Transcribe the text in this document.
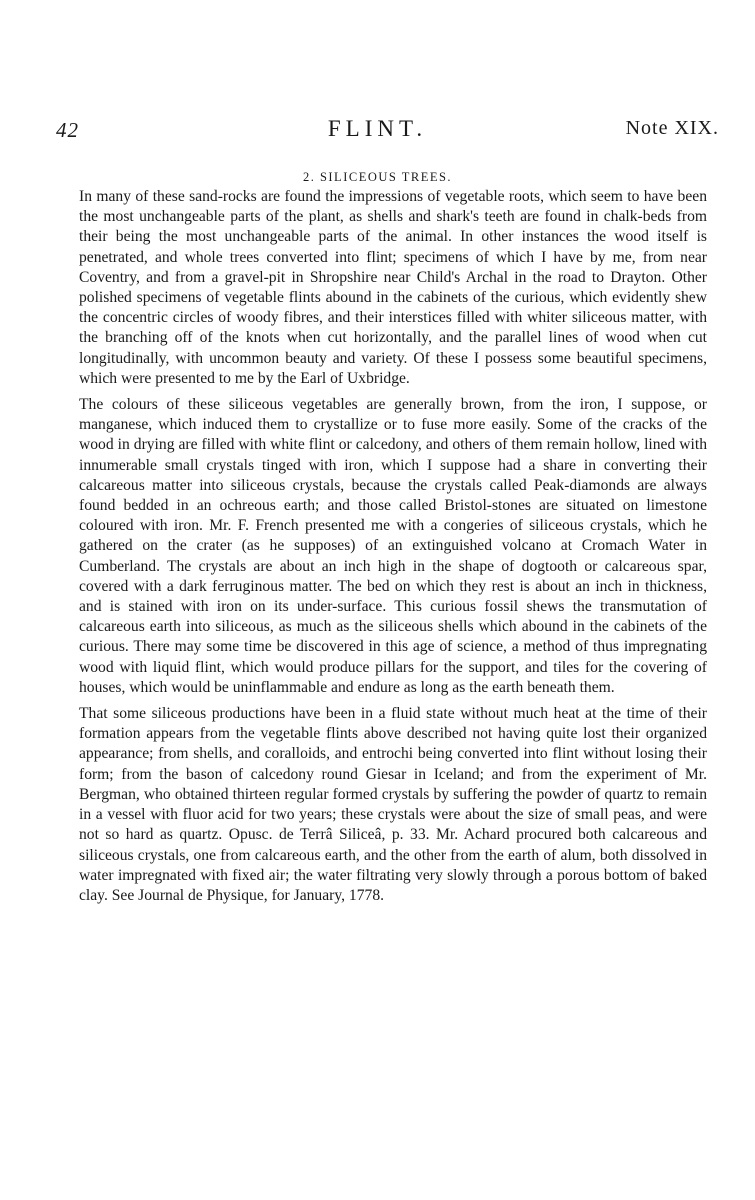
42	FLINT.	Note XIX.
2. SILICEOUS TREES.

In many of these sand-rocks are found the impressions of vegetable roots, which seem to have been the most unchangeable parts of the plant, as shells and shark's teeth are found in chalk-beds from their being the most unchangeable parts of the animal. In other instances the wood itself is penetrated, and whole trees converted into flint; specimens of which I have by me, from near Coventry, and from a gravel-pit in Shropshire near Child's Archal in the road to Drayton. Other polished specimens of vegetable flints abound in the cabinets of the curious, which evidently shew the concentric circles of woody fibres, and their interstices filled with whiter siliceous matter, with the branching off of the knots when cut horizontally, and the parallel lines of wood when cut longitudinally, with uncommon beauty and variety. Of these I possess some beautiful specimens, which were presented to me by the Earl of Uxbridge.

The colours of these siliceous vegetables are generally brown, from the iron, I suppose, or manganese, which induced them to crystallize or to fuse more easily. Some of the cracks of the wood in drying are filled with white flint or calcedony, and others of them remain hollow, lined with innumerable small crystals tinged with iron, which I suppose had a share in converting their calcareous matter into siliceous crystals, because the crystals called Peak-diamonds are always found bedded in an ochreous earth; and those called Bristol-stones are situated on limestone coloured with iron. Mr. F. French presented me with a congeries of siliceous crystals, which he gathered on the crater (as he supposes) of an extinguished volcano at Cromach Water in Cumberland. The crystals are about an inch high in the shape of dogtooth or calcareous spar, covered with a dark ferruginous matter. The bed on which they rest is about an inch in thickness, and is stained with iron on its under-surface. This curious fossil shews the transmutation of calcareous earth into siliceous, as much as the siliceous shells which abound in the cabinets of the curious. There may some time be discovered in this age of science, a method of thus impregnating wood with liquid flint, which would produce pillars for the support, and tiles for the covering of houses, which would be uninflammable and endure as long as the earth beneath them.

That some siliceous productions have been in a fluid state without much heat at the time of their formation appears from the vegetable flints above described not having quite lost their organized appearance; from shells, and coralloids, and entrochi being converted into flint without losing their form; from the bason of calcedony round Giesar in Iceland; and from the experiment of Mr. Bergman, who obtained thirteen regular formed crystals by suffering the powder of quartz to remain in a vessel with fluor acid for two years; these crystals were about the size of small peas, and were not so hard as quartz. Opusc. de Terrâ Siliceâ, p. 33. Mr. Achard procured both calcareous and siliceous crystals, one from calcareous earth, and the other from the earth of alum, both dissolved in water impregnated with fixed air; the water filtrating very slowly through a porous bottom of baked clay. See Journal de Physique, for January, 1778.
